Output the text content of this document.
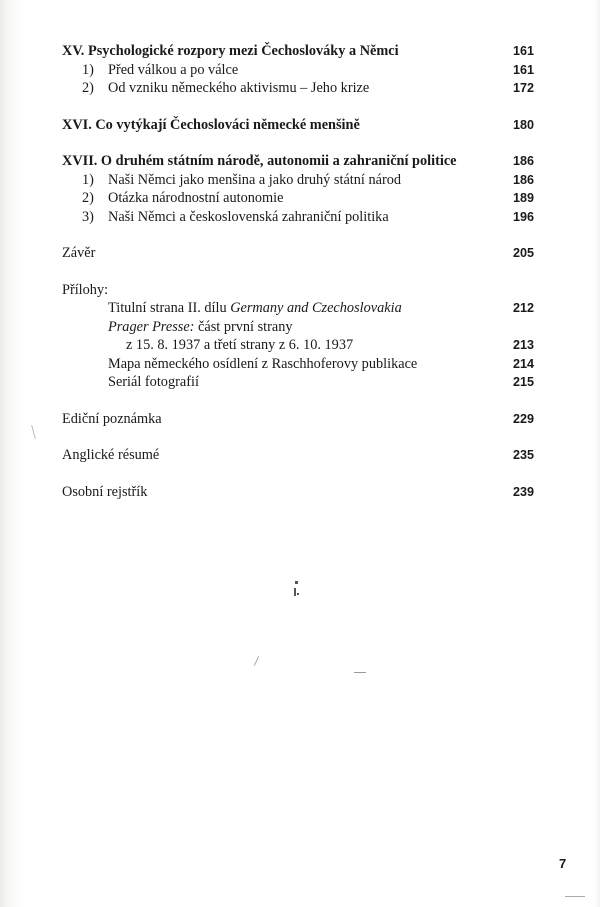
XV. Psychologické rozpory mezi Čechoslováky a Němci	161
1) Před válkou a po válce	161
2) Od vzniku německého aktivismu – Jeho krize	172
XVI. Co vytýkají Čechoslováci německé menšině	180
XVII. O druhém státním národě, autonomii a zahraniční politice	186
1) Naši Němci jako menšina a jako druhý státní národ	186
2) Otázka národnostní autonomie	189
3) Naši Němci a československá zahraniční politika	196
Závěr	205
Přílohy:
Titulní strana II. dílu Germany and Czechoslovakia	212
Prager Presse: část první strany
z 15. 8. 1937 a třetí strany z 6. 10. 1937	213
Mapa německého osídlení z Raschhoferovy publikace	214
Seriál fotografií	215
Ediční poznámka	229
Anglické résumé	235
Osobní rejstřík	239
7
